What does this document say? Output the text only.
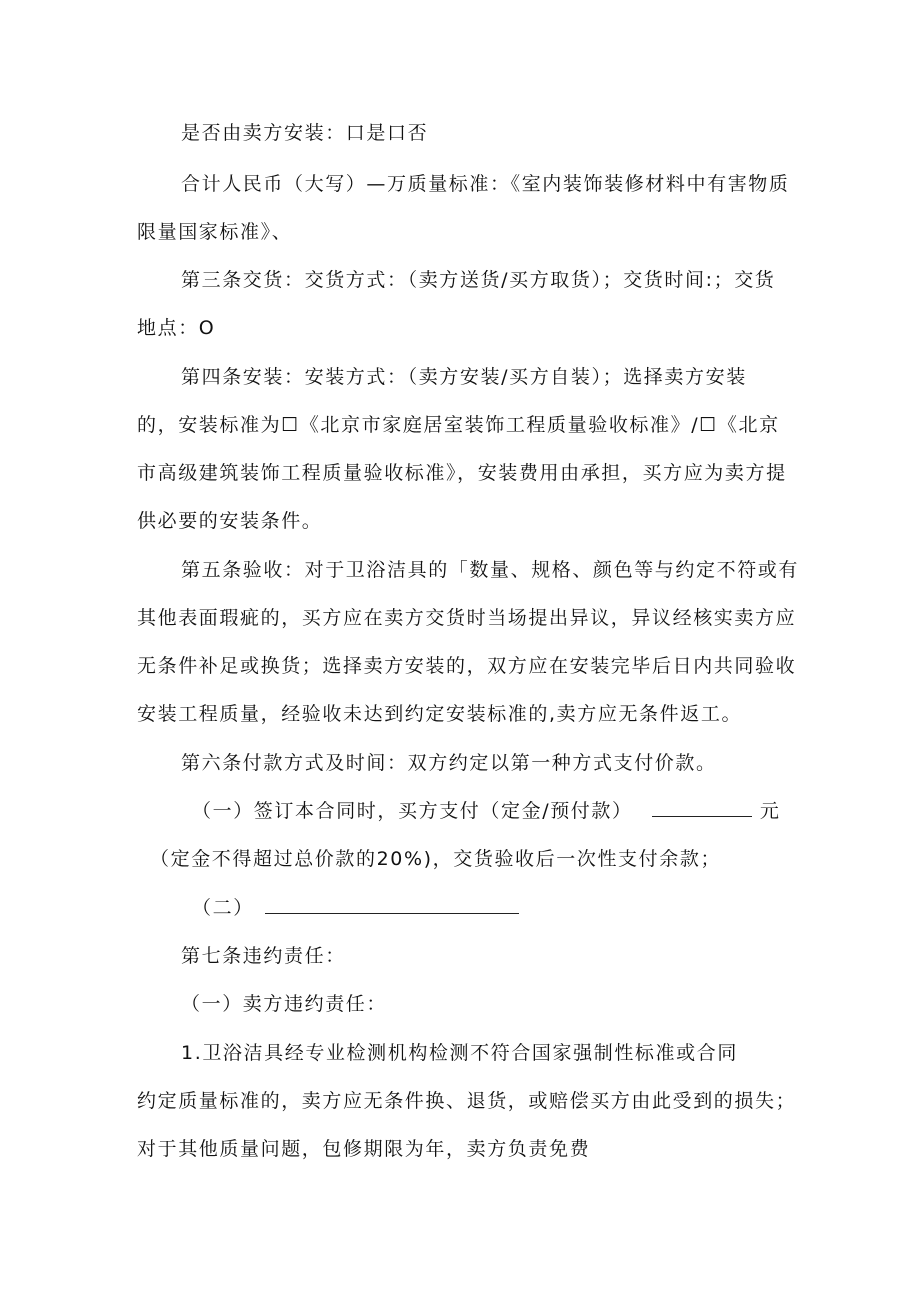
是否由卖方安装：口是口否
合计人民币（大写）—万质量标准：《室内装饰装修材料中有害物质
限量国家标准》、
第三条交货：交货方式：（卖方送货/买方取货）；交货时间:；交货
地点：O
第四条安装：安装方式：（卖方安装/买方自装）；选择卖方安装
的，安装标准为☐《北京市家庭居室装饰工程质量验收标准》/☐《北京
市高级建筑装饰工程质量验收标准》，安装费用由承担，买方应为卖方提
供必要的安装条件。
第五条验收：对于卫浴洁具的「数量、规格、颜色等与约定不符或有
其他表面瑕疵的，买方应在卖方交货时当场提出异议，异议经核实卖方应
无条件补足或换货；选择卖方安装的，双方应在安装完毕后日内共同验收
安装工程质量，经验收未达到约定安装标准的,卖方应无条件返工。
第六条付款方式及时间：双方约定以第一种方式支付价款。
（一）签订本合同时，买方支付（定金/预付款）	元
（定金不得超过总价款的20%)，交货验收后一次性支付余款；
（二）
第七条违约责任：
（一）卖方违约责任：
1.卫浴洁具经专业检测机构检测不符合国家强制性标准或合同
约定质量标准的，卖方应无条件换、退货，或赔偿买方由此受到的损失；
对于其他质量问题，包修期限为年，卖方负责免费
